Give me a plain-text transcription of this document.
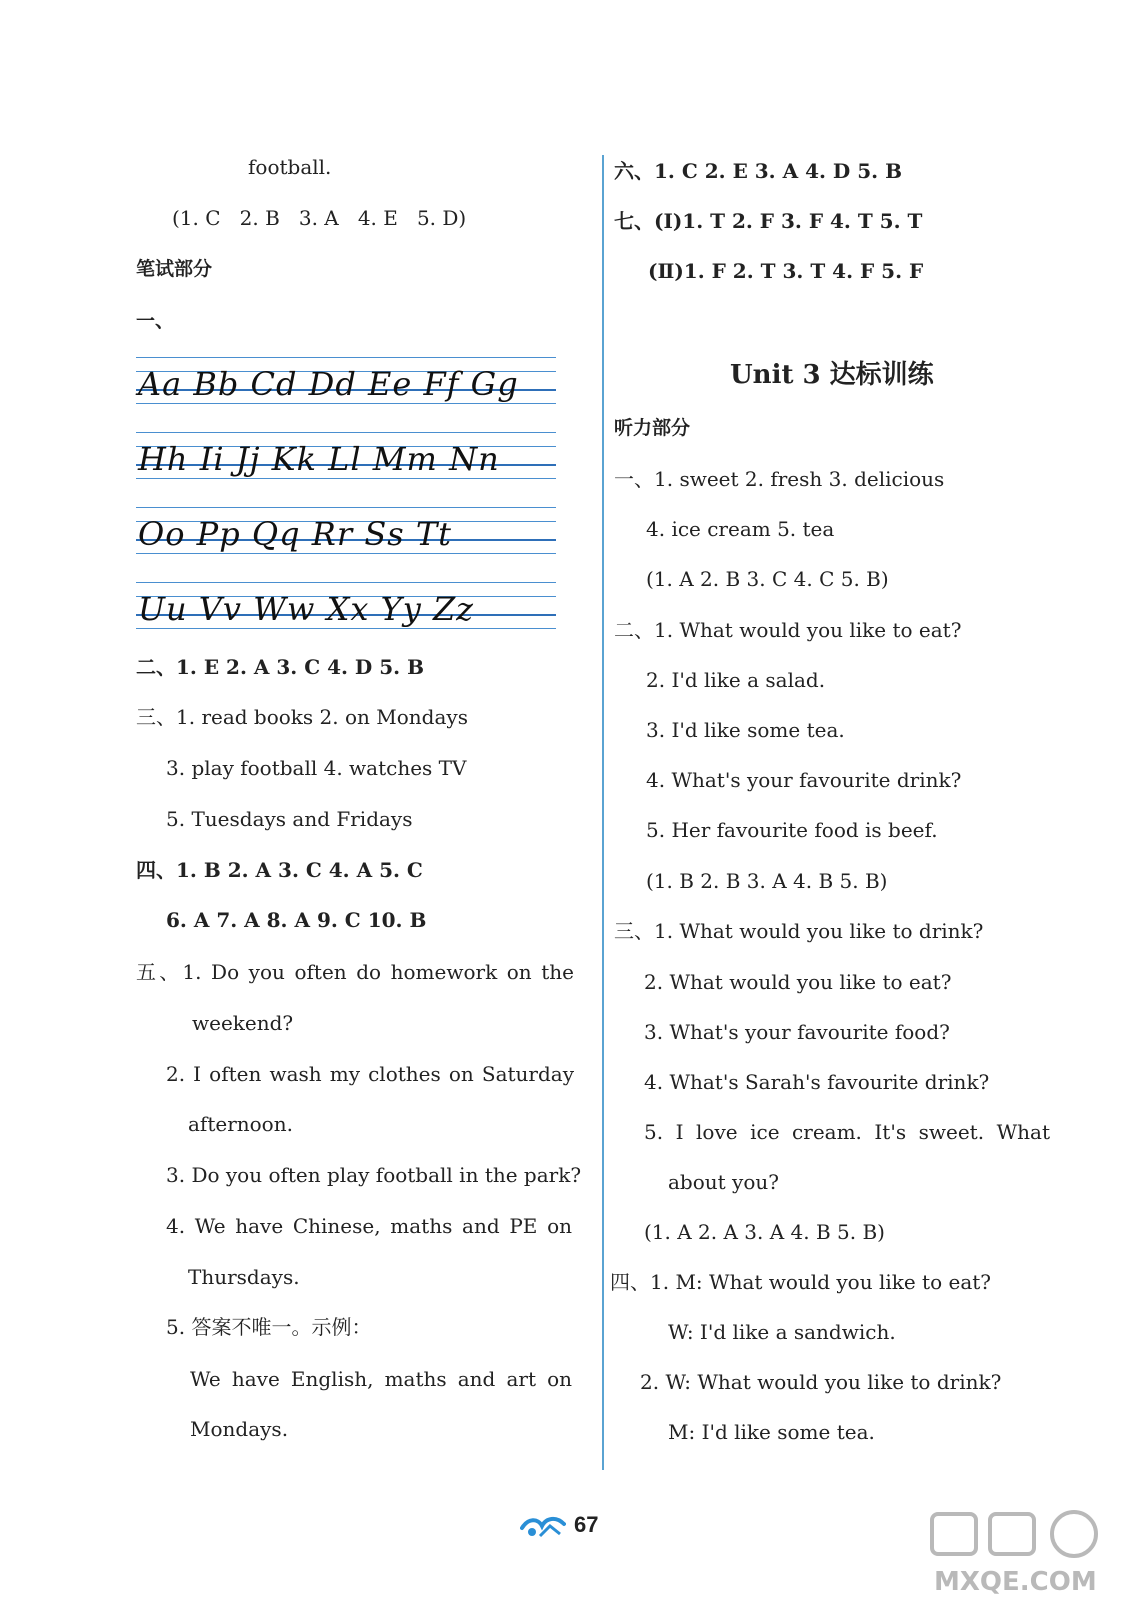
football.
(1. C 2. B 3. A 4. E 5. D)
笔试部分
一、
Aa Bb Cd Dd Ee Ff Gg
Hh Ii Jj Kk Ll Mm Nn
Oo Pp Qq Rr Ss Tt
Uu Vv Ww Xx Yy Zz
二、1. E 2. A 3. C 4. D 5. B
三、1. read books 2. on Mondays
3. play football 4. watches TV
5. Tuesdays and Fridays
四、1. B 2. A 3. C 4. A 5. C
6. A 7. A 8. A 9. C 10. B
五、1. Do you often do homework on the
weekend?
2. I often wash my clothes on Saturday
afternoon.
3. Do you often play football in the park?
4. We have Chinese, maths and PE on
Thursdays.
5. 答案不唯一。示例：
We have English, maths and art on
Mondays.
六、1. C 2. E 3. A 4. D 5. B
七、(Ⅰ)1. T 2. F 3. F 4. T 5. T
(Ⅱ)1. F 2. T 3. T 4. F 5. F
Unit 3 达标训练
听力部分
一、1. sweet 2. fresh 3. delicious
4. ice cream 5. tea
(1. A 2. B 3. C 4. C 5. B)
二、1. What would you like to eat?
2. I'd like a salad.
3. I'd like some tea.
4. What's your favourite drink?
5. Her favourite food is beef.
(1. B 2. B 3. A 4. B 5. B)
三、1. What would you like to drink?
2. What would you like to eat?
3. What's your favourite food?
4. What's Sarah's favourite drink?
5. I love ice cream. It's sweet. What
about you?
(1. A 2. A 3. A 4. B 5. B)
四、1. M: What would you like to eat?
W: I'd like a sandwich.
2. W: What would you like to drink?
M: I'd like some tea.
67
MXQE.COM
